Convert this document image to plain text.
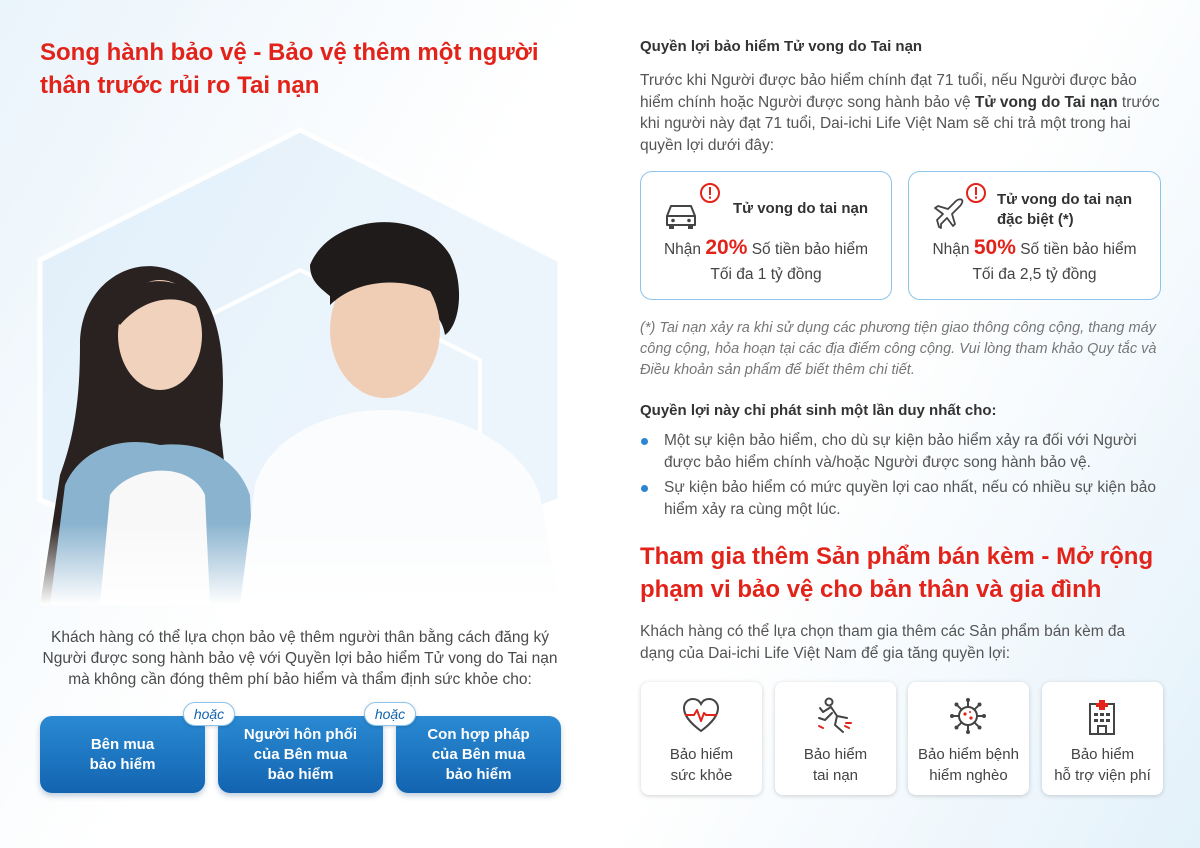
Song hành bảo vệ - Bảo vệ thêm một người thân trước rủi ro Tai nạn
Khách hàng có thể lựa chọn bảo vệ thêm người thân bằng cách đăng ký Người được song hành bảo vệ với Quyền lợi bảo hiểm Tử vong do Tai nạn mà không cần đóng thêm phí bảo hiểm và thẩm định sức khỏe cho:
Bên mua
bảo hiểm
Người hôn phối
của Bên mua
bảo hiểm
Con hợp pháp
của Bên mua
bảo hiểm
hoặc	hoặc
Quyền lợi bảo hiểm Tử vong do Tai nạn

Trước khi Người được bảo hiểm chính đạt 71 tuổi, nếu Người được bảo hiểm chính hoặc Người được song hành bảo vệ Tử vong do Tai nạn trước khi người này đạt 71 tuổi, Dai-ichi Life Việt Nam sẽ chi trả một trong hai quyền lợi dưới đây:

Tử vong do tai nạn
Nhận 20% Số tiền bảo hiểm
Tối đa 1 tỷ đồng
Tử vong do tai nạn đặc biệt (*)
Nhận 50% Số tiền bảo hiểm
Tối đa 2,5 tỷ đồng

(*) Tai nạn xảy ra khi sử dụng các phương tiện giao thông công cộng, thang máy công cộng, hỏa hoạn tại các địa điểm công cộng. Vui lòng tham khảo Quy tắc và Điều khoản sản phẩm để biết thêm chi tiết.

Quyền lợi này chỉ phát sinh một lần duy nhất cho:
Một sự kiện bảo hiểm, cho dù sự kiện bảo hiểm xảy ra đối với Người được bảo hiểm chính và/hoặc Người được song hành bảo vệ.
Sự kiện bảo hiểm có mức quyền lợi cao nhất, nếu có nhiều sự kiện bảo hiểm xảy ra cùng một lúc.
Tham gia thêm Sản phẩm bán kèm - Mở rộng phạm vi bảo vệ cho bản thân và gia đình

Khách hàng có thể lựa chọn tham gia thêm các Sản phẩm bán kèm đa dạng của Dai-ichi Life Việt Nam để gia tăng quyền lợi:

Bảo hiểm
sức khỏe
Bảo hiểm
tai nạn
Bảo hiểm bệnh
hiểm nghèo
Bảo hiểm
hỗ trợ viện phí
